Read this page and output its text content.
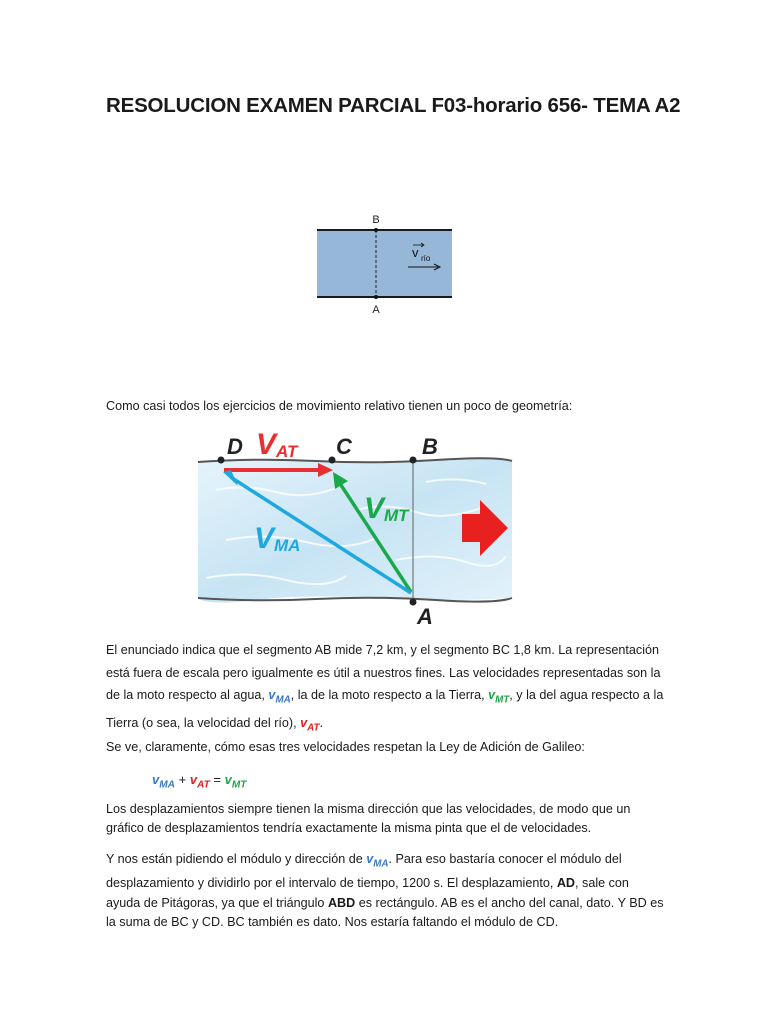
RESOLUCION EXAMEN PARCIAL F03-horario 656- TEMA A2
B
A
v río
Como casi todos los ejercicios de movimiento relativo tienen un poco de geometría:
D	C	B
A
V AT
V MT
V MA
El enunciado indica que el segmento AB mide 7,2 km, y el segmento BC 1,8 km. La representación está fuera de escala pero igualmente es útil a nuestros fines. Las velocidades representadas son la de la moto respecto al agua, $v_{MA}$, la de la moto respecto a la Tierra, $v_{MT}$, y la del agua respecto a la Tierra (o sea, la velocidad del río), $v_{AT}$.
Se ve, claramente, cómo esas tres velocidades respetan la Ley de Adición de Galileo:
$v_{MA} + v_{AT} = v_{MT}$
Los desplazamientos siempre tienen la misma dirección que las velocidades, de modo que un gráfico de desplazamientos tendría exactamente la misma pinta que el de velocidades.
Y nos están pidiendo el módulo y dirección de $v_{MA}$. Para eso bastaría conocer el módulo del desplazamiento y dividirlo por el intervalo de tiempo, 1200 s. El desplazamiento, AD, sale con ayuda de Pitágoras, ya que el triángulo ABD es rectángulo. AB es el ancho del canal, dato. Y BD es la suma de BC y CD. BC también es dato. Nos estaría faltando el módulo de CD.
